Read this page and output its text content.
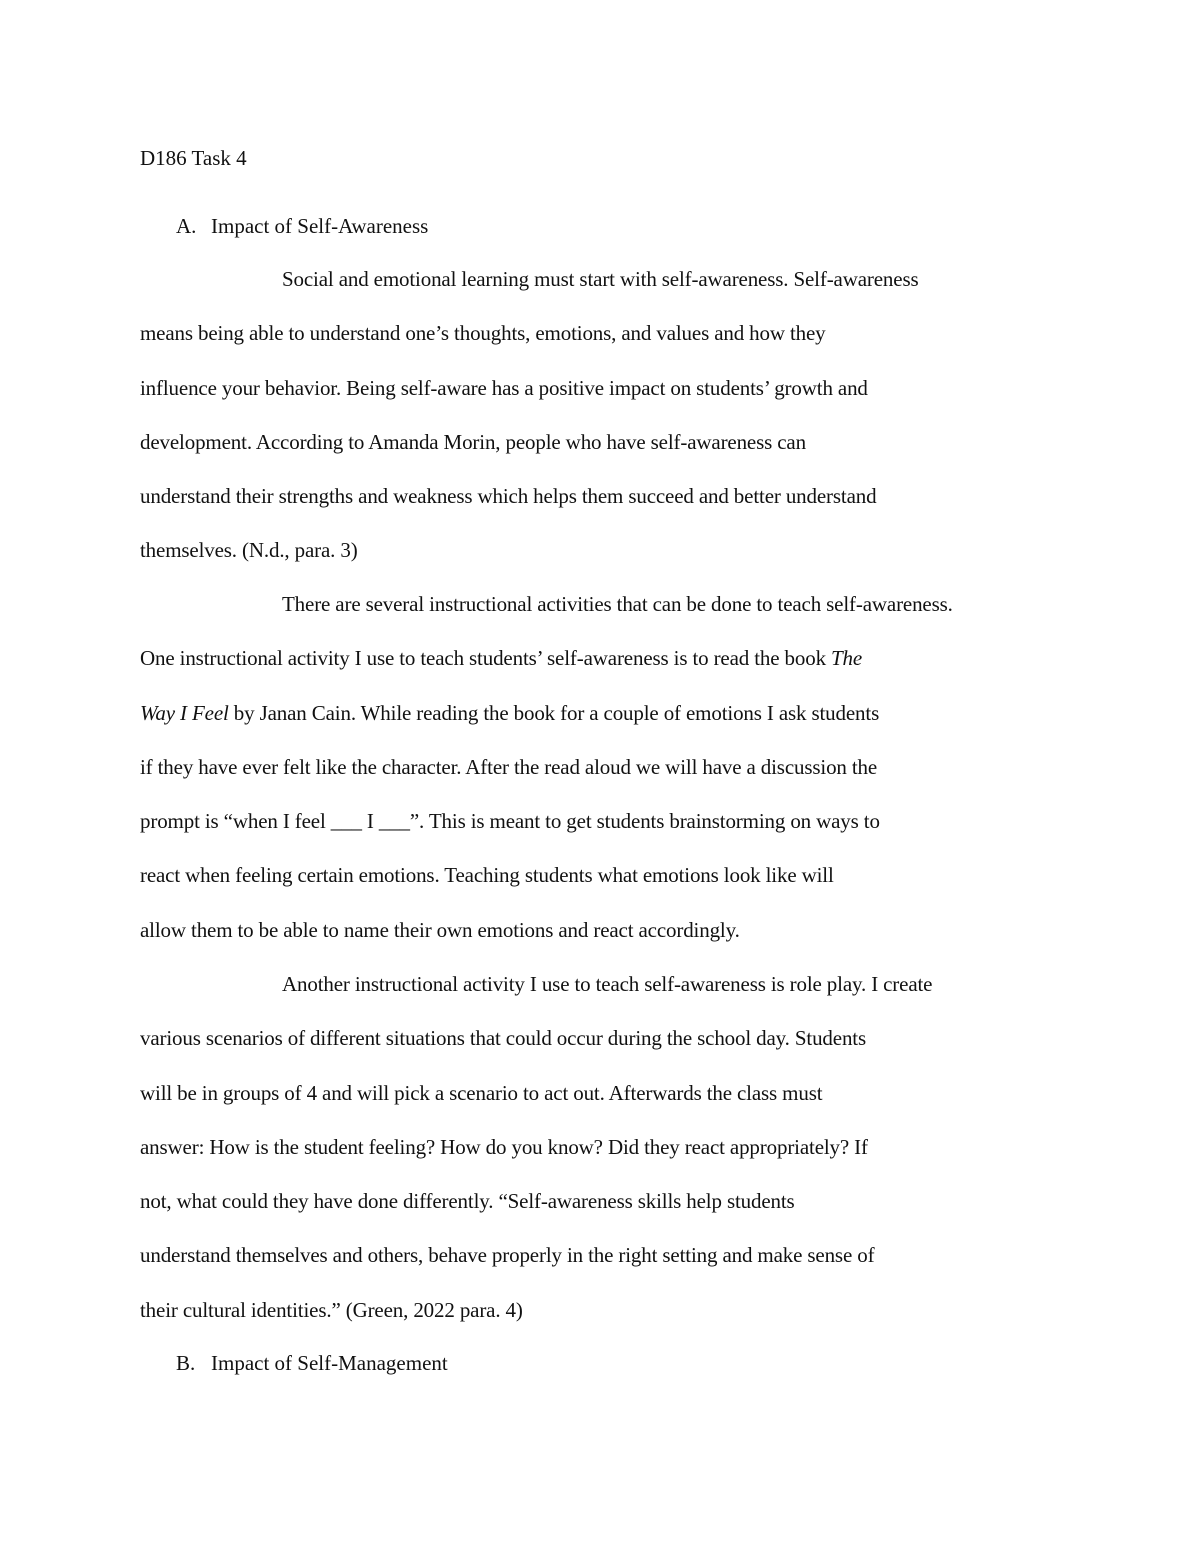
D186 Task 4
A. Impact of Self-Awareness
Social and emotional learning must start with self-awareness. Self-awareness
means being able to understand one’s thoughts, emotions, and values and how they
influence your behavior. Being self-aware has a positive impact on students’ growth and
development. According to Amanda Morin, people who have self-awareness can
understand their strengths and weakness which helps them succeed and better understand
themselves. (N.d., para. 3)
There are several instructional activities that can be done to teach self-awareness.
One instructional activity I use to teach students’ self-awareness is to read the book The
Way I Feel by Janan Cain. While reading the book for a couple of emotions I ask students
if they have ever felt like the character. After the read aloud we will have a discussion the
prompt is “when I feel ___ I ___”. This is meant to get students brainstorming on ways to
react when feeling certain emotions. Teaching students what emotions look like will
allow them to be able to name their own emotions and react accordingly.
Another instructional activity I use to teach self-awareness is role play. I create
various scenarios of different situations that could occur during the school day. Students
will be in groups of 4 and will pick a scenario to act out. Afterwards the class must
answer: How is the student feeling? How do you know? Did they react appropriately? If
not, what could they have done differently. “Self-awareness skills help students
understand themselves and others, behave properly in the right setting and make sense of
their cultural identities.” (Green, 2022 para. 4)
B. Impact of Self-Management
